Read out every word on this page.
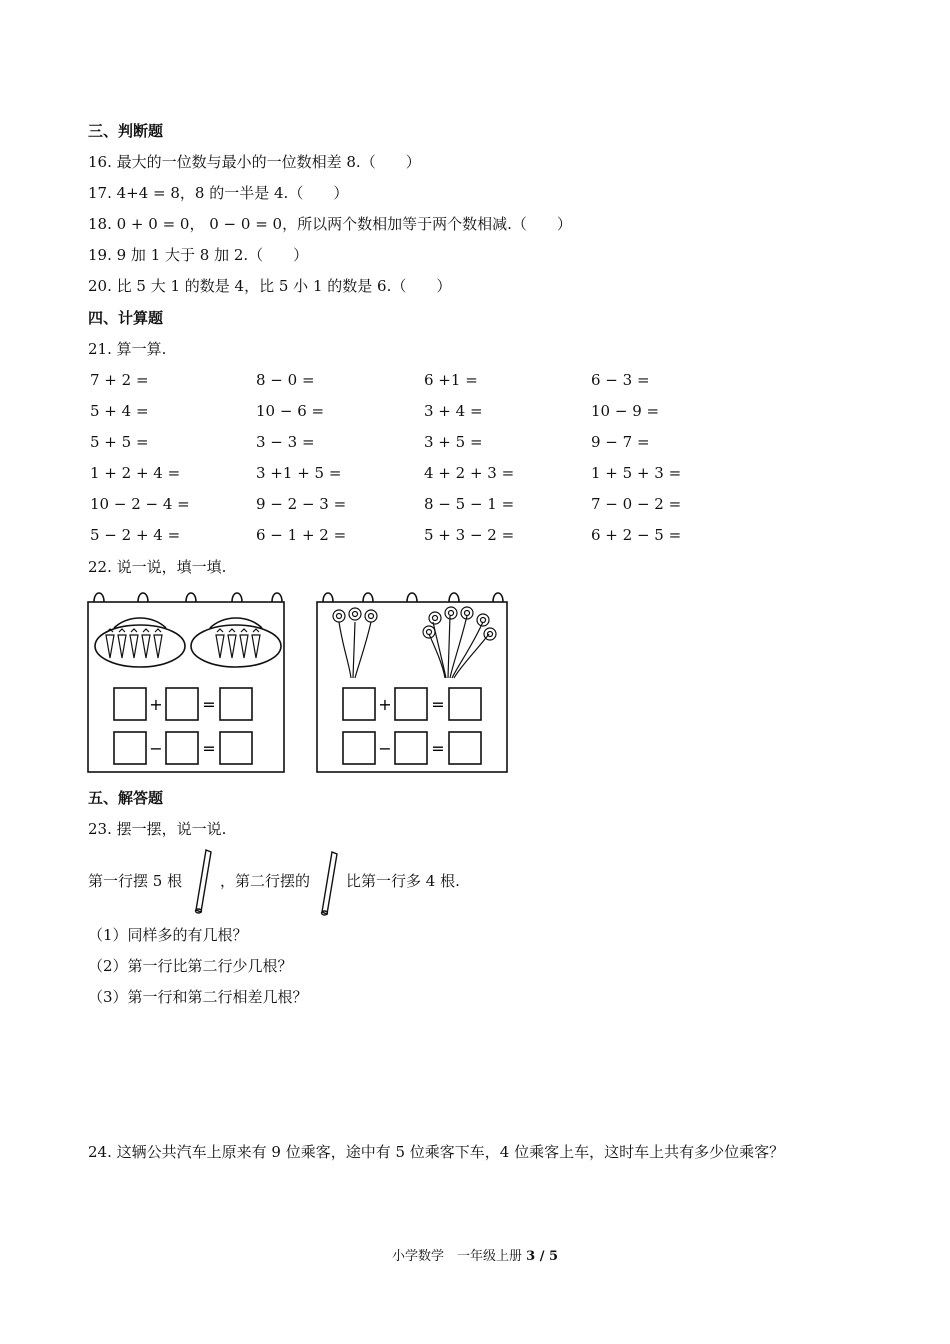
三、判断题
16. 最大的一位数与最小的一位数相差 8.（　　）
17. 4+4 = 8，8 的一半是 4.（　　）
18. 0 + 0 = 0， 0 − 0 = 0，所以两个数相加等于两个数相减.（　　）
19. 9 加 1 大于 8 加 2.（　　）
20. 比 5 大 1 的数是 4，比 5 小 1 的数是 6.（　　）
四、计算题
21. 算一算.
7 + 2 =	8 − 0 =	6 +1 =	6 − 3 =
5 + 4 =	10 − 6 =	3 + 4 =	10 − 9 =
5 + 5 =	3 − 3 =	3 + 5 =	9 − 7 =
1 + 2 + 4 =	3 +1 + 5 =	4 + 2 + 3 =	1 + 5 + 3 =
10 − 2 − 4 =	9 − 2 − 3 =	8 − 5 − 1 =	7 − 0 − 2 =
5 − 2 + 4 =	6 − 1 + 2 =	5 + 3 − 2 =	6 + 2 − 5 =
22. 说一说，填一填.
+ =
− =
+ =
− =
五、解答题
23. 摆一摆，说一说.
第一行摆 5 根	，第二行摆的 比第一行多 4 根.
（1）同样多的有几根？
（2）第一行比第二行少几根？
（3）第一行和第二行相差几根？
24. 这辆公共汽车上原来有 9 位乘客，途中有 5 位乘客下车，4 位乘客上车，这时车上共有多少位乘客？
小学数学　一年级上册 3 / 5
